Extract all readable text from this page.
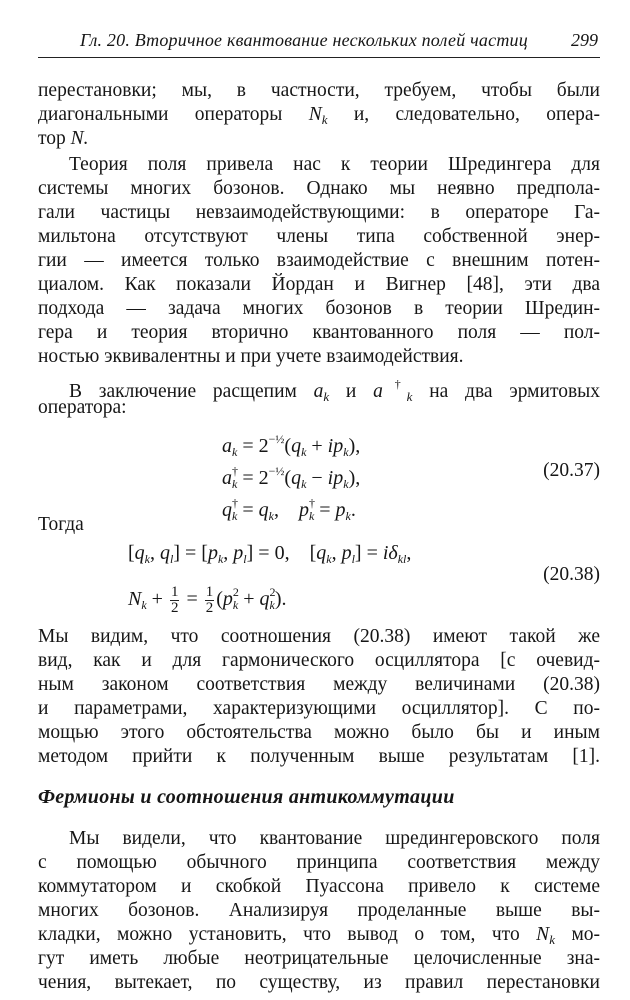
Гл. 20. Вторичное квантование нескольких полей частиц 299
перестановки; мы, в частности, требуем, чтобы были
диагональными операторы $N_k$ и, следовательно, опера-
тор N.
Теория поля привела нас к теории Шредингера для
системы многих бозонов. Однако мы неявно предпола-
гали частицы невзаимодействующими: в операторе Га-
мильтона отсутствуют члены типа собственной энер-
гии — имеется только взаимодействие с внешним потен-
циалом. Как показали Йордан и Вигнер [48], эти два
подхода — задача многих бозонов в теории Шредин-
гера и теория вторично квантованного поля — пол-
ностью эквивалентны и при учете взаимодействия.
В заключение расщепим $a_k$ и $a^\dagger_k$ на два эрмитовых
оператора:
$a_k = 2^{-\frac{1}{2}}(q_k + ip_k)$,
$a^\dagger_k = 2^{-\frac{1}{2}}(q_k - ip_k)$,	(20.37)
$q^\dagger_k = q_k$,    $p^\dagger_k = p_k$.
Тогда
[$q_k$, $q_l] = [p_k$, $p_l] = 0$,    [$q_k$, $p_l] = i\delta_{kl}$,
(20.38)
$N_k + \frac{1}{2} = \frac{1}{2} (p^2_k + q^2_k)$.
Мы видим, что соотношения (20.38) имеют такой же
вид, как и для гармонического осциллятора [с очевид-
ным законом соответствия между величинами (20.38)
и параметрами, характеризующими осциллятор]. С по-
мощью этого обстоятельства можно было бы и иным
методом прийти к полученным выше результатам [1].
Фермионы и соотношения антикоммутации
Мы видели, что квантование шредингеровского поля
с помощью обычного принципа соответствия между
коммутатором и скобкой Пуассона привело к системе
многих бозонов. Анализируя проделанные выше вы-
кладки, можно установить, что вывод о том, что $N_k$ мо-
гут иметь любые неотрицательные целочисленные зна-
чения, вытекает, по существу, из правил перестановки
